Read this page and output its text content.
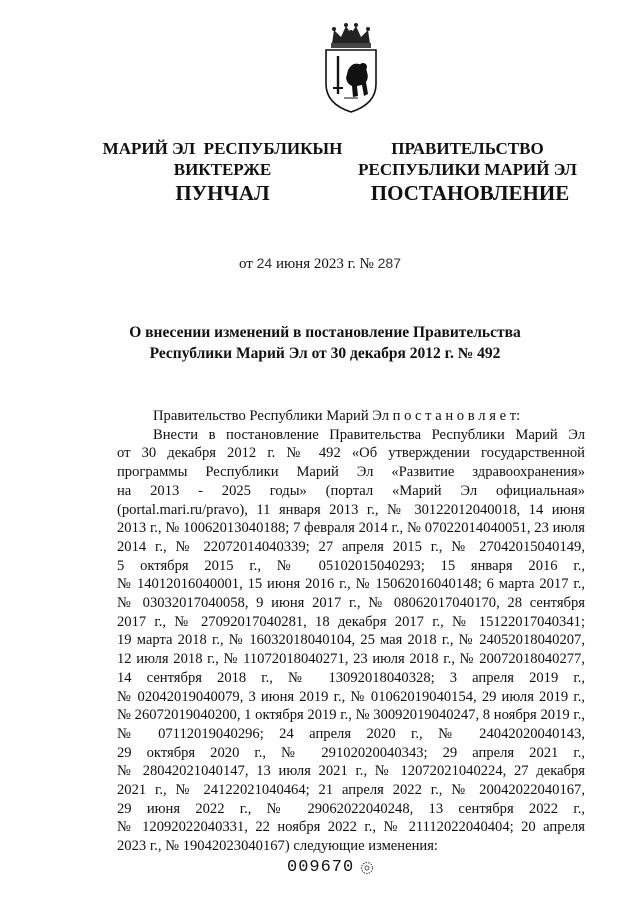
МАРИЙ ЭЛ  РЕСПУБЛИКЫН
ВИКТЕРЖЕ
ПРАВИТЕЛЬСТВО
РЕСПУБЛИКИ МАРИЙ ЭЛ
ПУНЧАЛ	ПОСТАНОВЛЕНИЕ
от 24 июня 2023 г. № 287
О внесении изменений в постановление Правительства
Республики Марий Эл от 30 декабря 2012 г. № 492

Правительство Республики Марий Эл п о с т а н о в л я е т:

Внести в постановление Правительства Республики Марий Эл

от 30 декабря 2012 г. № 492 «Об утверждении государственной

программы Республики Марий Эл «Развитие здравоохранения»

на 2013 - 2025 годы» (портал «Марий Эл официальная»

(portal.mari.ru/pravo), 11 января 2013 г., № 30122012040018, 14 июня

2013 г., № 10062013040188; 7 февраля 2014 г., № 07022014040051, 23 июля

2014 г., № 22072014040339; 27 апреля 2015 г., № 27042015040149,

5 октября 2015 г., № 05102015040293; 15 января 2016 г.,

№ 14012016040001, 15 июня 2016 г., № 15062016040148; 6 марта 2017 г.,

№ 03032017040058, 9 июня 2017 г., № 08062017040170, 28 сентября

2017 г., № 27092017040281, 18 декабря 2017 г., № 15122017040341;

19 марта 2018 г., № 16032018040104, 25 мая 2018 г., № 24052018040207,

12 июля 2018 г., № 11072018040271, 23 июля 2018 г., № 20072018040277,

14 сентября 2018 г., № 13092018040328; 3 апреля 2019 г.,

№ 02042019040079, 3 июня 2019 г., № 01062019040154, 29 июля 2019 г.,

№ 26072019040200, 1 октября 2019 г., № 30092019040247, 8 ноября 2019 г.,

№ 07112019040296; 24 апреля 2020 г., № 24042020040143,

29 октября 2020 г., № 29102020040343; 29 апреля 2021 г.,

№ 28042021040147, 13 июля 2021 г., № 12072021040224, 27 декабря

2021 г., № 24122021040464; 21 апреля 2022 г., № 20042022040167,

29 июня 2022 г., № 29062022040248, 13 сентября 2022 г.,

№ 12092022040331, 22 ноября 2022 г., № 21112022040404; 20 апреля

2023 г., № 19042023040167) следующие изменения:

009670
